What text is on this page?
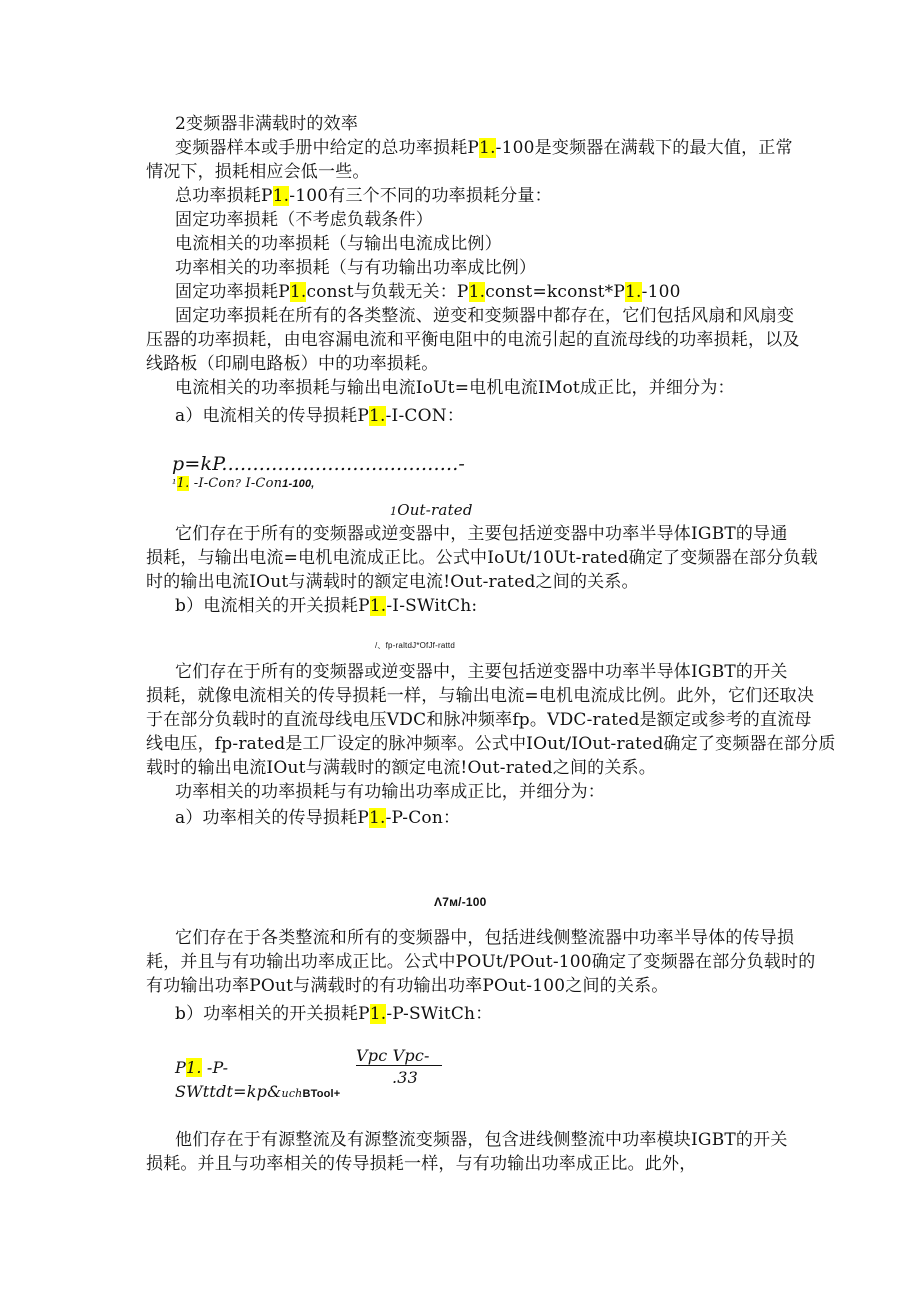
2变频器非满载时的效率
变频器样本或手册中给定的总功率损耗P1.-100是变频器在满载下的最大值，正常
情况下，损耗相应会低一些。
总功率损耗P1.-100有三个不同的功率损耗分量：
固定功率损耗（不考虑负载条件）
电流相关的功率损耗（与输出电流成比例）
功率相关的功率损耗（与有功输出功率成比例）
固定功率损耗P1.const与负载无关：P1.const=kconst*P1.-100
固定功率损耗在所有的各类整流、逆变和变频器中都存在，它们包括风扇和风扇变
压器的功率损耗，由电容漏电流和平衡电阻中的电流引起的直流母线的功率损耗，以及
线路板（印刷电路板）中的功率损耗。
电流相关的功率损耗与输出电流IoUt=电机电流IMot成正比，并细分为：
a）电流相关的传导损耗P1.-I-CON：
p=kP......................................-
¹1. -I-Con? I-Con1-100,
1Out-rated
它们存在于所有的变频器或逆变器中，主要包括逆变器中功率半导体IGBT的导通
损耗，与输出电流=电机电流成正比。公式中IoUt/10Ut-rated确定了变频器在部分负载
时的输出电流IOut与满载时的额定电流!Out-rated之间的关系。
b）电流相关的开关损耗P1.-I-SWitCh:
/、fp-raltdJ*OfJf-rattd
它们存在于所有的变频器或逆变器中，主要包括逆变器中功率半导体IGBT的开关
损耗，就像电流相关的传导损耗一样，与输出电流=电机电流成比例。此外，它们还取决
于在部分负载时的直流母线电压VDC和脉冲频率fp。VDC-rated是额定或参考的直流母
线电压，fp-rated是工厂设定的脉冲频率。公式中IOut/IOut-rated确定了变频器在部分质
载时的输出电流IOut与满载时的额定电流!Out-rated之间的关系。
功率相关的功率损耗与有功输出功率成正比，并细分为：
a）功率相关的传导损耗P1.-P-Con：
Λ7ᴍ/-100
它们存在于各类整流和所有的变频器中，包括进线侧整流器中功率半导体的传导损
耗，并且与有功输出功率成正比。公式中POUt/POut-100确定了变频器在部分负载时的
有功输出功率POut与满载时的有功输出功率POut-100之间的关系。
b）功率相关的开关损耗P1.-P-SWitCh：
P1. -P-
SWttdt=kp&uchBTool+
Vpc Vpc-
.33
他们存在于有源整流及有源整流变频器，包含进线侧整流中功率模块IGBT的开关
损耗。并且与功率相关的传导损耗一样，与有功输出功率成正比。此外，
